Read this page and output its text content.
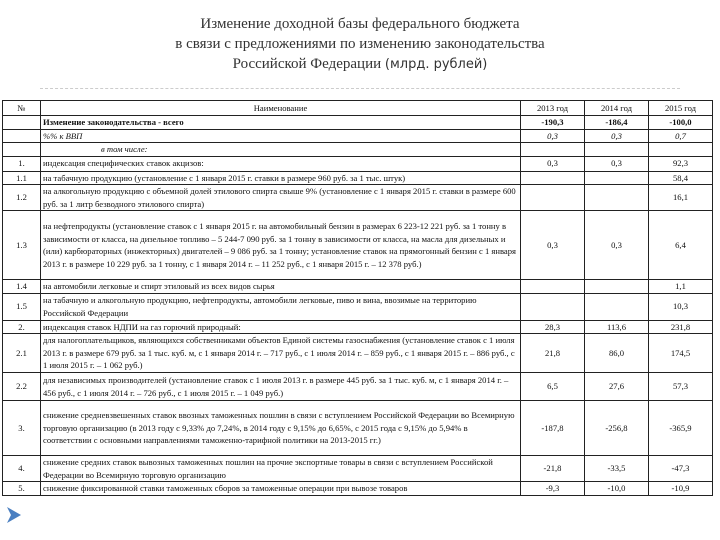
Изменение доходной базы федерального бюджета
в связи с предложениями по изменению законодательства
Российской Федерации (млрд. рублей)
№	Наименование	2013 год	2014 год	2015 год
	Изменение законодательства - всего	-190,3	-186,4	-100,0
	%% к ВВП	0,3	0,3	0,7
	в том числе:			
1.	индексация специфических ставок акцизов:	0,3	0,3	92,3
1.1	на табачную продукцию (установление с 1 января 2015 г. ставки в размере 960 руб. за 1 тыс. штук)			58,4
1.2	на алкогольную продукцию с объемной долей этилового спирта свыше 9% (установление с 1 января 2015 г. ставки в размере 600 руб. за 1 литр безводного этилового спирта)			16,1
1.3	на нефтепродукты (установление ставок с 1 января 2015 г. на автомобильный бензин в размерах 6 223-12 221 руб. за 1 тонну в зависимости от класса, на дизельное топливо – 5 244-7 090 руб. за 1 тонну в зависимости от класса, на масла для дизельных и (или) карбюраторных (инжекторных) двигателей – 9 086 руб. за 1 тонну; установление ставок на прямогонный бензин с 1 января 2013 г. в размере 10 229 руб. за 1 тонну, с 1 января 2014 г. – 11 252 руб., с 1 января 2015 г. – 12 378 руб.)	0,3	0,3	6,4
1.4	на автомобили легковые и спирт этиловый из всех видов сырья			1,1
1.5	на табачную и алкогольную продукцию, нефтепродукты, автомобили легковые, пиво и вина, ввозимые на территорию Российской Федерации			10,3
2.	индексация ставок НДПИ на газ горючий природный:	28,3	113,6	231,8
2.1	для налогоплательщиков, являющихся собственниками объектов Единой системы газоснабжения (установление ставок с 1 июля 2013 г. в размере 679 руб. за 1 тыс. куб. м, с 1 января 2014 г. – 717 руб., с 1 июля 2014 г. – 859 руб., с 1 января 2015 г. – 886 руб., с 1 июля 2015 г. – 1 062 руб.)	21,8	86,0	174,5
2.2	для независимых производителей (установление ставок с 1 июля 2013 г. в размере 445 руб. за 1 тыс. куб. м, с 1 января 2014 г. – 456 руб., с 1 июля 2014 г. – 726 руб., с 1 июля 2015 г. – 1 049 руб.)	6,5	27,6	57,3
3.	снижение средневзвешенных ставок ввозных таможенных пошлин в связи с вступлением Российской Федерации во Всемирную торговую организацию (в 2013 году с 9,33% до 7,24%, в 2014 году с 9,15% до 6,65%, с 2015 года с 9,15% до 5,94% в соответствии с основными направлениями таможенно-тарифной политики на 2013-2015 гг.)	-187,8	-256,8	-365,9
4.	снижение средних ставок вывозных таможенных пошлин на прочие экспортные товары в связи с вступлением Российской Федерации во Всемирную торговую организацию	-21,8	-33,5	-47,3
5.	снижение фиксированной ставки таможенных сборов за таможенные операции при вывозе товаров	-9,3	-10,0	-10,9
